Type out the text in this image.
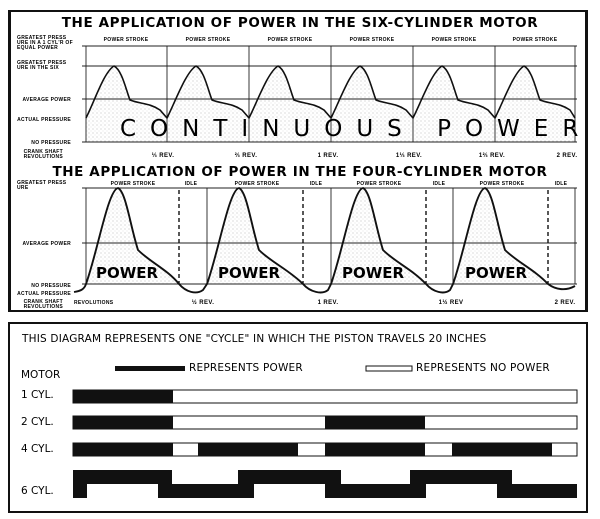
THE APPLICATION OF POWER IN THE SIX-CYLINDER MOTOR
GREATEST PRESS
URE IN A 1 CYL'R OF
EQUAL POWER
GREATEST PRESS
URE IN THE SIX
AVERAGE POWER
ACTUAL PRESSURE
NO PRESSURE
CRANK SHAFT
REVOLUTIONS
POWER STROKE	POWER STROKE	POWER STROKE	POWER STROKE	POWER STROKE	POWER STROKE
CONTINUOUS POWER
⅓ REV.	⅔ REV.	1 REV.	1⅓ REV.	1⅔ REV.	2 REV.
THE APPLICATION OF POWER IN THE FOUR-CYLINDER MOTOR
GREATEST PRESS
URE
AVERAGE POWER
NO PRESSURE
ACTUAL PRESSURE
CRANK SHAFT
REVOLUTIONS
REVOLUTIONS
POWER STROKE	IDLE	POWER STROKE	IDLE	POWER STROKE	IDLE	POWER STROKE	IDLE
POWER	POWER	POWER	POWER
½ REV.	1 REV.	1½ REV	2 REV.
THIS DIAGRAM REPRESENTS ONE "CYCLE" IN WHICH THE PISTON TRAVELS 20 INCHES
REPRESENTS POWER	REPRESENTS NO POWER
MOTOR
1 CYL.
2 CYL.
4 CYL.
6 CYL.
